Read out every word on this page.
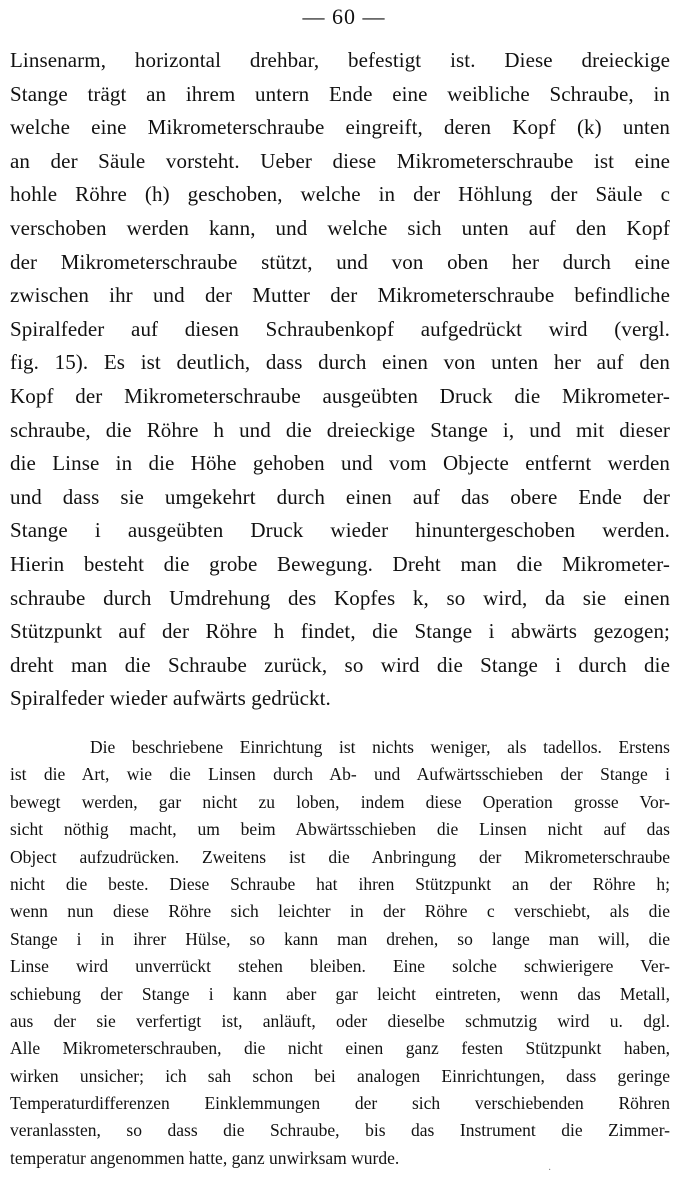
— 60 —
Linsenarm, horizontal drehbar, befestigt ist. Diese dreieckige
Stange trägt an ihrem untern Ende eine weibliche Schraube, in
welche eine Mikrometerschraube eingreift, deren Kopf (k) unten
an der Säule vorsteht. Ueber diese Mikrometerschraube ist eine
hohle Röhre (h) geschoben, welche in der Höhlung der Säule c
verschoben werden kann, und welche sich unten auf den Kopf
der Mikrometerschraube stützt, und von oben her durch eine
zwischen ihr und der Mutter der Mikrometerschraube befindliche
Spiralfeder auf diesen Schraubenkopf aufgedrückt wird (vergl.
fig. 15). Es ist deutlich, dass durch einen von unten her auf den
Kopf der Mikrometerschraube ausgeübten Druck die Mikrometer-
schraube, die Röhre h und die dreieckige Stange i, und mit dieser
die Linse in die Höhe gehoben und vom Objecte entfernt werden
und dass sie umgekehrt durch einen auf das obere Ende der
Stange i ausgeübten Druck wieder hinuntergeschoben werden.
Hierin besteht die grobe Bewegung. Dreht man die Mikrometer-
schraube durch Umdrehung des Kopfes k, so wird, da sie einen
Stützpunkt auf der Röhre h findet, die Stange i abwärts gezogen;
dreht man die Schraube zurück, so wird die Stange i durch die
Spiralfeder wieder aufwärts gedrückt.
Die beschriebene Einrichtung ist nichts weniger, als tadellos. Erstens
ist die Art, wie die Linsen durch Ab- und Aufwärtsschieben der Stange i
bewegt werden, gar nicht zu loben, indem diese Operation grosse Vor-
sicht nöthig macht, um beim Abwärtsschieben die Linsen nicht auf das
Object aufzudrücken. Zweitens ist die Anbringung der Mikrometerschraube
nicht die beste. Diese Schraube hat ihren Stützpunkt an der Röhre h;
wenn nun diese Röhre sich leichter in der Röhre c verschiebt, als die
Stange i in ihrer Hülse, so kann man drehen, so lange man will, die
Linse wird unverrückt stehen bleiben. Eine solche schwierigere Ver-
schiebung der Stange i kann aber gar leicht eintreten, wenn das Metall,
aus der sie verfertigt ist, anläuft, oder dieselbe schmutzig wird u. dgl.
Alle Mikrometerschrauben, die nicht einen ganz festen Stützpunkt haben,
wirken unsicher; ich sah schon bei analogen Einrichtungen, dass geringe
Temperaturdifferenzen Einklemmungen der sich verschiebenden Röhren
veranlassten, so dass die Schraube, bis das Instrument die Zimmer-
temperatur angenommen hatte, ganz unwirksam wurde.
·
